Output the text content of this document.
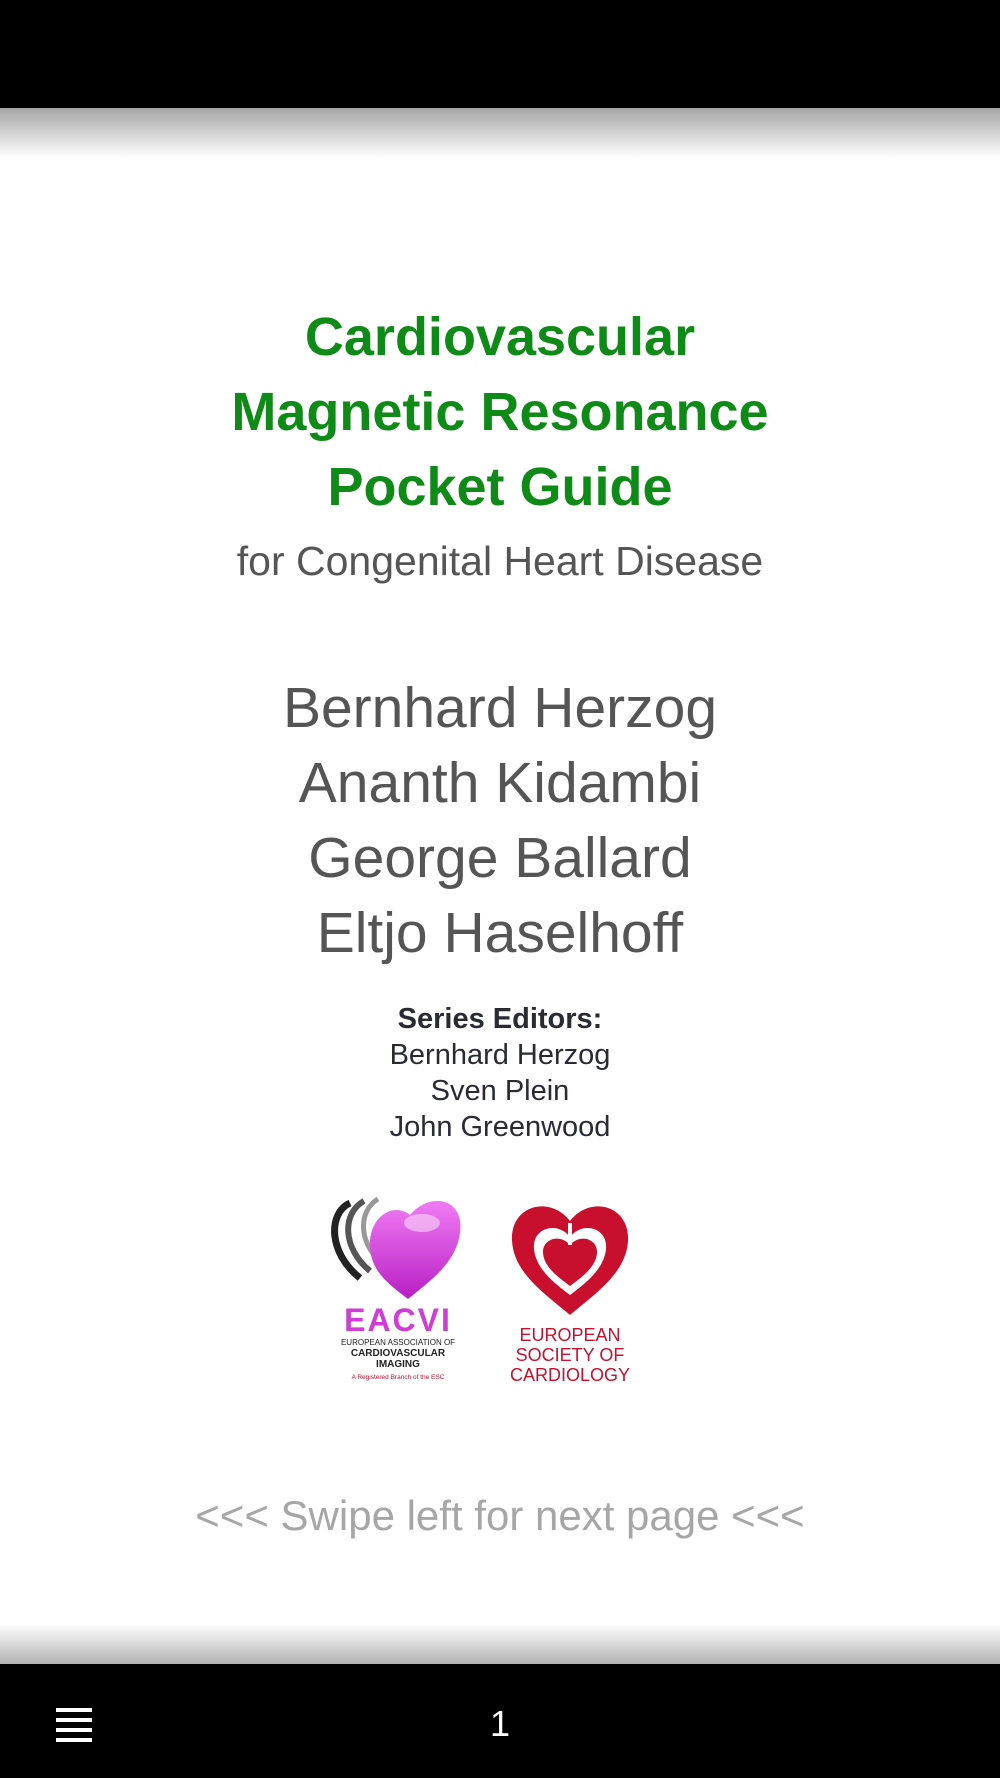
Cardiovascular
Magnetic Resonance
Pocket Guide
for Congenital Heart Disease
Bernhard Herzog
Ananth Kidambi
George Ballard
Eltjo Haselhoff
Series Editors:
Bernhard Herzog
Sven Plein
John Greenwood
EACVI
EUROPEAN ASSOCIATION OF
CARDIOVASCULAR
IMAGING
A Registered Branch of the ESC
EUROPEAN
SOCIETY OF
CARDIOLOGY
<<< Swipe left for next page <<<
1
